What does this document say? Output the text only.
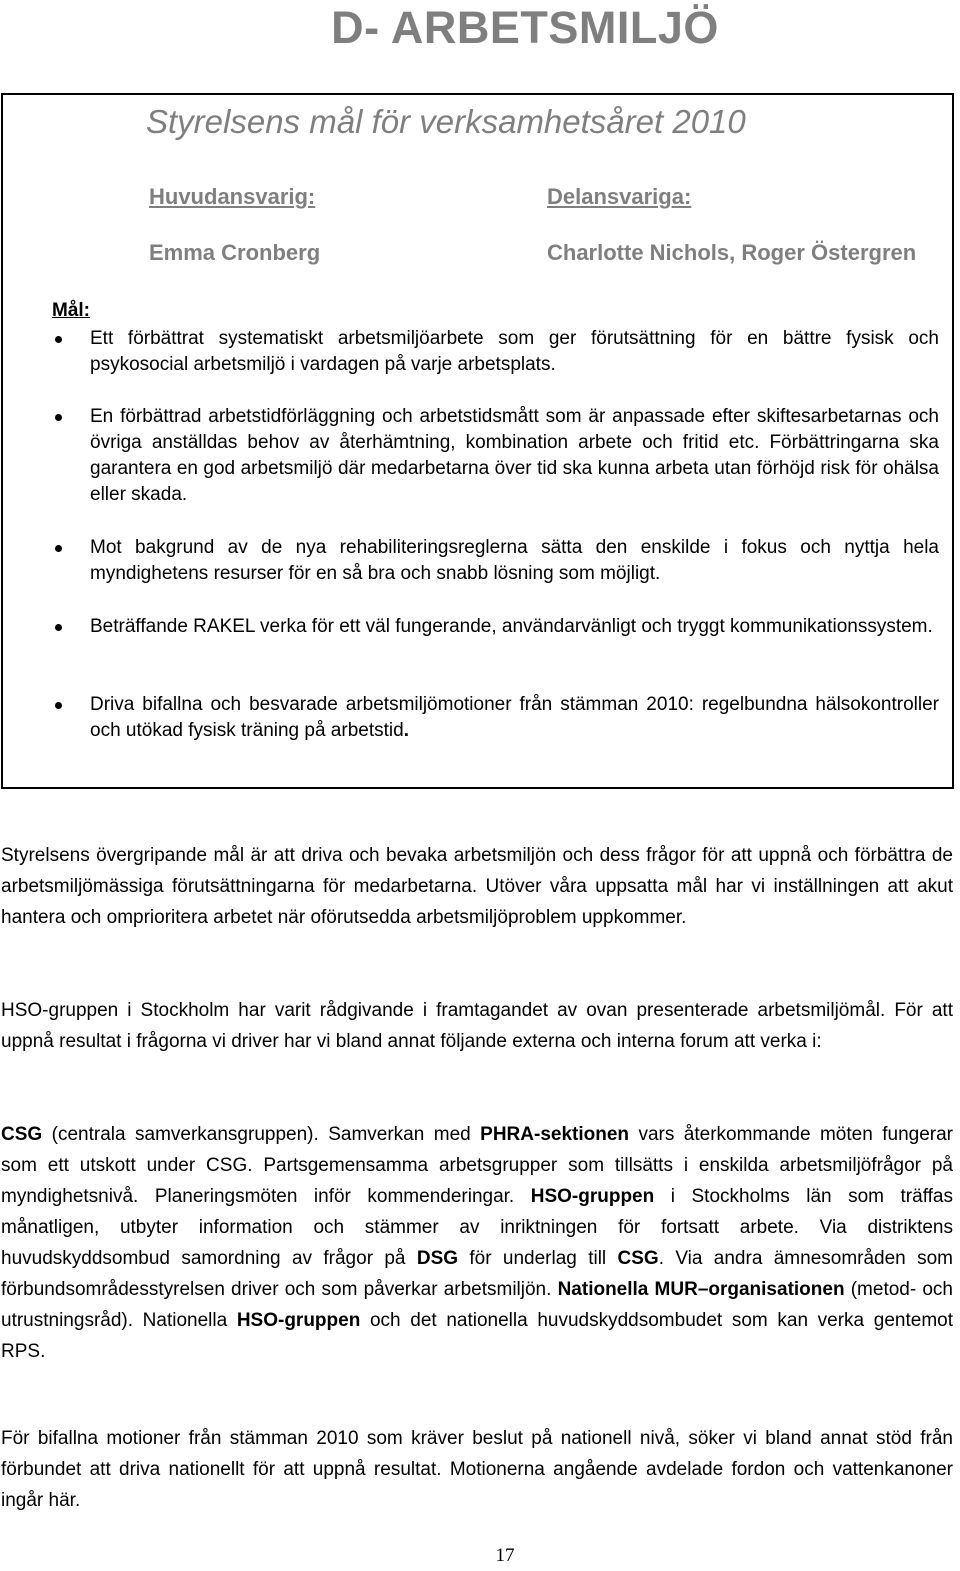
D- ARBETSMILJÖ
Styrelsens mål för verksamhetsåret 2010
Huvudansvarig:	Delansvariga:
Emma Cronberg	Charlotte Nichols, Roger Östergren
Mål:
Ett förbättrat systematiskt arbetsmiljöarbete som ger förutsättning för en bättre fysisk och psykosocial arbetsmiljö i vardagen på varje arbetsplats.
En förbättrad arbetstidförläggning och arbetstidsmått som är anpassade efter skiftesarbetarnas och övriga anställdas behov av återhämtning, kombination arbete och fritid etc. Förbättringarna ska garantera en god arbetsmiljö där medarbetarna över tid ska kunna arbeta utan förhöjd risk för ohälsa eller skada.
Mot bakgrund av de nya rehabiliteringsreglerna sätta den enskilde i fokus och nyttja hela myndighetens resurser för en så bra och snabb lösning som möjligt.
Beträffande RAKEL verka för ett väl fungerande, användarvänligt och tryggt kommunikationssystem.
Driva bifallna och besvarade arbetsmiljömotioner från stämman 2010: regelbundna hälsokontroller och utökad fysisk träning på arbetstid.

Styrelsens övergripande mål är att driva och bevaka arbetsmiljön och dess frågor för att uppnå och förbättra de arbetsmiljömässiga förutsättningarna för medarbetarna. Utöver våra uppsatta mål har vi inställningen att akut hantera och omprioritera arbetet när oförutsedda arbetsmiljöproblem uppkommer.

HSO-gruppen i Stockholm har varit rådgivande i framtagandet av ovan presenterade arbetsmiljömål. För att uppnå resultat i frågorna vi driver har vi bland annat följande externa och interna forum att verka i:

CSG (centrala samverkansgruppen). Samverkan med PHRA-sektionen vars återkommande möten fungerar som ett utskott under CSG. Partsgemensamma arbetsgrupper som tillsätts i enskilda arbetsmiljöfrågor på myndighetsnivå. Planeringsmöten inför kommenderingar. HSO-gruppen i Stockholms län som träffas månatligen, utbyter information och stämmer av inriktningen för fortsatt arbete. Via distriktens huvudskyddsombud samordning av frågor på DSG för underlag till CSG. Via andra ämnesområden som förbundsområdesstyrelsen driver och som påverkar arbetsmiljön. Nationella MUR–organisationen (metod- och utrustningsråd). Nationella HSO-gruppen och det nationella huvudskyddsombudet som kan verka gentemot RPS.

För bifallna motioner från stämman 2010 som kräver beslut på nationell nivå, söker vi bland annat stöd från förbundet att driva nationellt för att uppnå resultat. Motionerna angående avdelade fordon och vattenkanoner ingår här.

17
